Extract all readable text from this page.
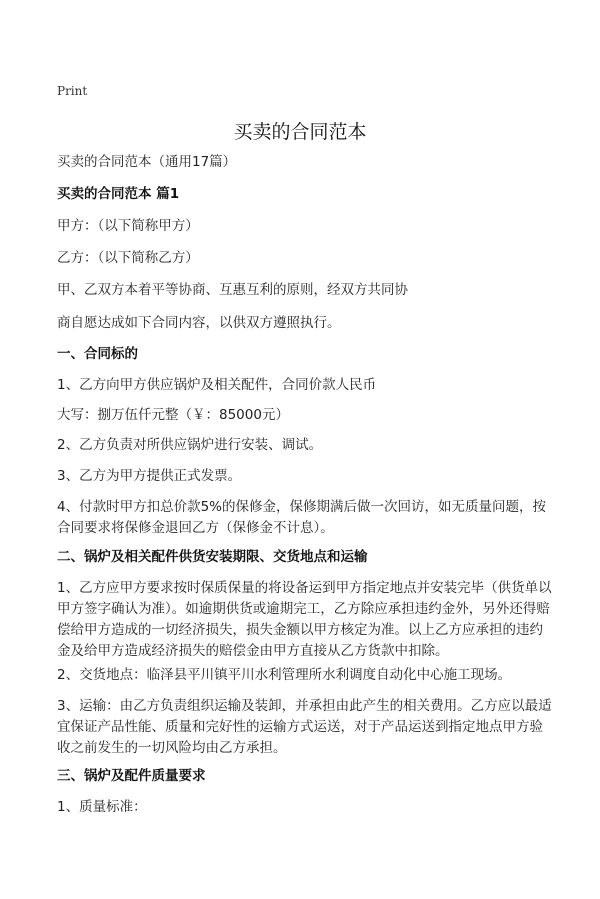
Print
买卖的合同范本
买卖的合同范本（通用17篇）
买卖的合同范本 篇1
甲方：（以下简称甲方）
乙方：（以下简称乙方）
甲、乙双方本着平等协商、互惠互利的原则，经双方共同协
商自愿达成如下合同内容，以供双方遵照执行。
一、合同标的
1、乙方向甲方供应锅炉及相关配件，合同价款人民币
大写：捌万伍仟元整（￥：85000元）
2、乙方负责对所供应锅炉进行安装、调试。
3、乙方为甲方提供正式发票。
4、付款时甲方扣总价款5%的保修金，保修期满后做一次回访，如无质量问题，按合同要求将保修金退回乙方（保修金不计息）。
二、锅炉及相关配件供货安装期限、交货地点和运输
1、乙方应甲方要求按时保质保量的将设备运到甲方指定地点并安装完毕（供货单以甲方签字确认为准）。如逾期供货或逾期完工，乙方除应承担违约金外，另外还得赔偿给甲方造成的一切经济损失，损失金额以甲方核定为准。以上乙方应承担的违约金及给甲方造成经济损失的赔偿金由甲方直接从乙方货款中扣除。
2、交货地点：临泽县平川镇平川水利管理所水利调度自动化中心施工现场。
3、运输：由乙方负责组织运输及装卸，并承担由此产生的相关费用。乙方应以最适宜保证产品性能、质量和完好性的运输方式运送，对于产品运送到指定地点甲方验收之前发生的一切风险均由乙方承担。
三、锅炉及配件质量要求
1、质量标准：
